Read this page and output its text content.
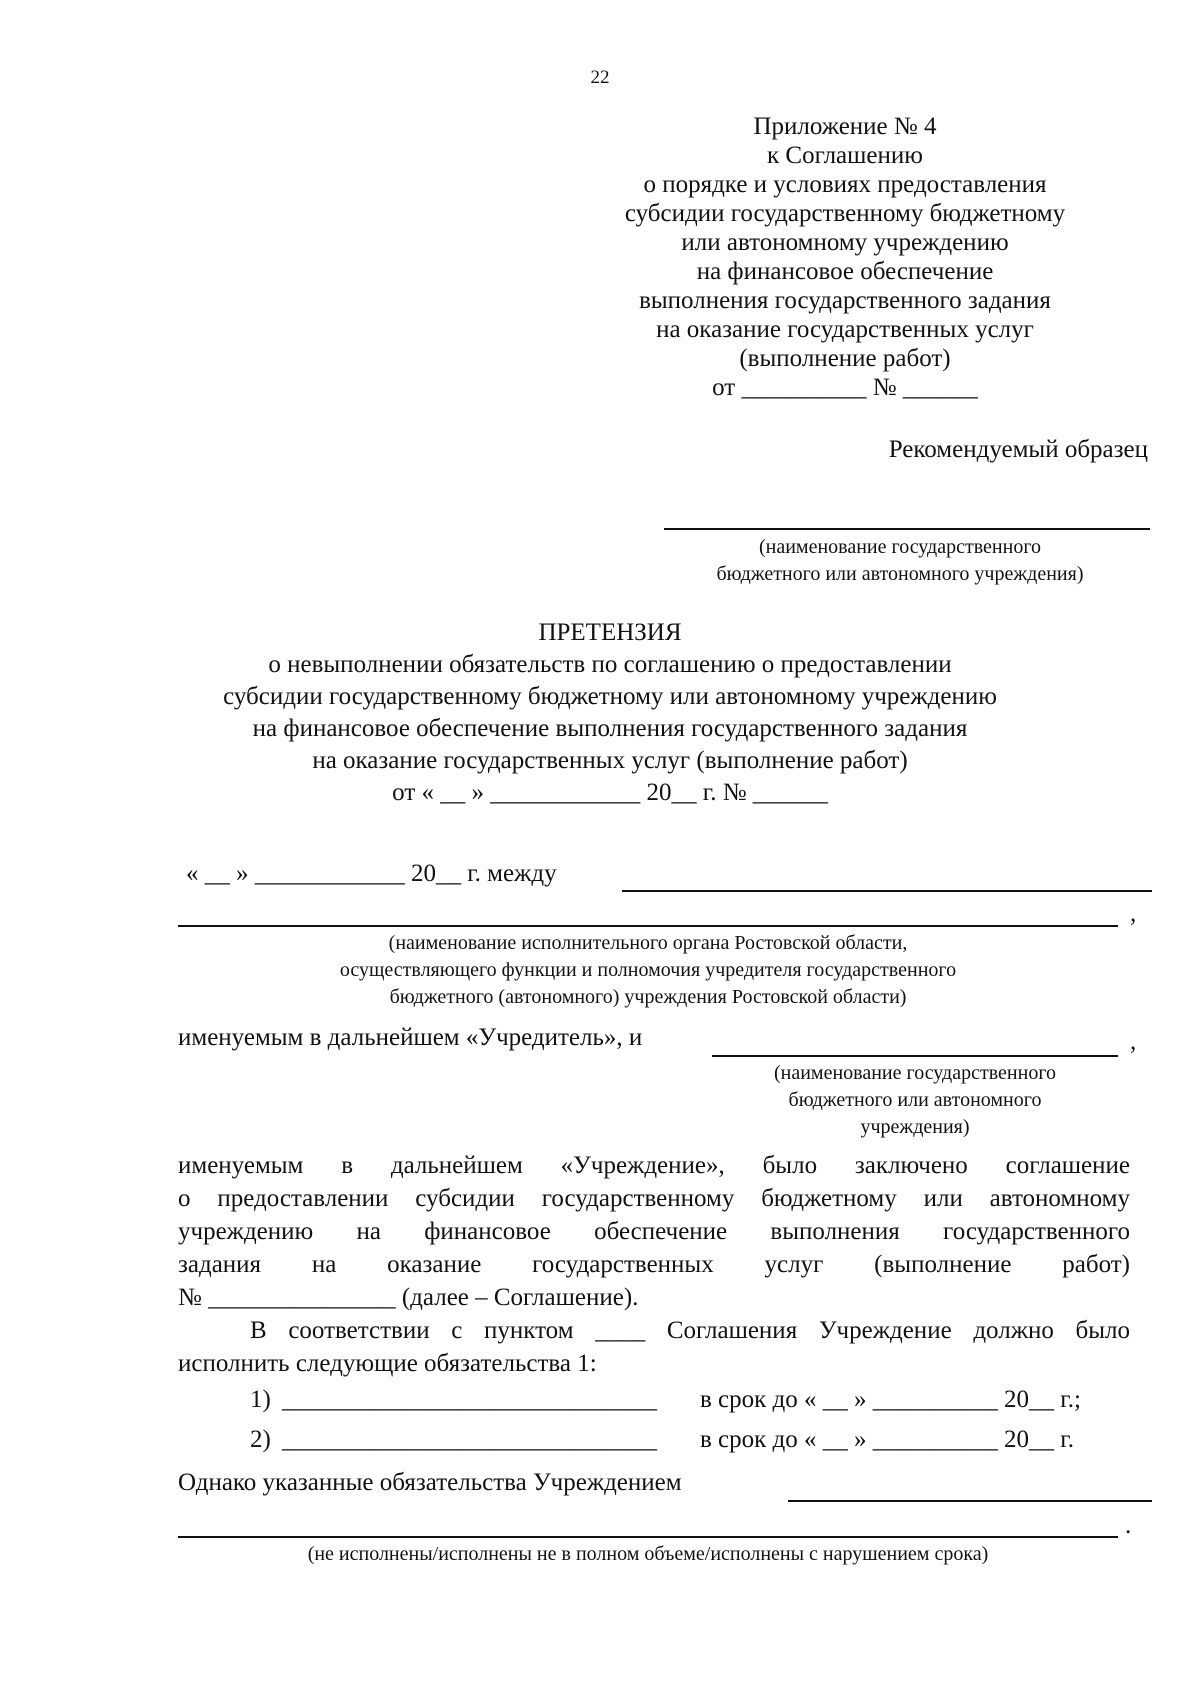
22
Приложение № 4
к Соглашению
о порядке и условиях предоставления
субсидии государственному бюджетному
или автономному учреждению
на финансовое обеспечение
выполнения государственного задания
на оказание государственных услуг
(выполнение работ)
от __________ № ______
Рекомендуемый образец
(наименование государственного
бюджетного или автономного учреждения)
ПРЕТЕНЗИЯ
о невыполнении обязательств по соглашению о предоставлении
субсидии государственному бюджетному или автономному учреждению
на финансовое обеспечение выполнения государственного задания
на оказание государственных услуг (выполнение работ)
от « __ » ____________ 20__ г. № ______
« __ » ____________ 20__ г. между
,
(наименование исполнительного органа Ростовской области,
осуществляющего функции и полномочия учредителя государственного
бюджетного (автономного) учреждения Ростовской области)
именуемым в дальнейшем «Учредитель», и	,
(наименование государственного
бюджетного или автономного
учреждения)
именуемым в дальнейшем «Учреждение», было заключено соглашение
о предоставлении субсидии государственному бюджетному или автономному
учреждению на финансовое обеспечение выполнения государственного
задания на оказание государственных услуг (выполнение работ)
№ _______________ (далее – Соглашение).
В соответствии с пунктом ____ Соглашения Учреждение должно было
исполнить следующие обязательства 1:
1) ______________________________ в срок до « __ » __________ 20__ г.;
2) ______________________________ в срок до « __ » __________ 20__ г.
Однако указанные обязательства Учреждением
.
(не исполнены/исполнены не в полном объеме/исполнены с нарушением срока)
